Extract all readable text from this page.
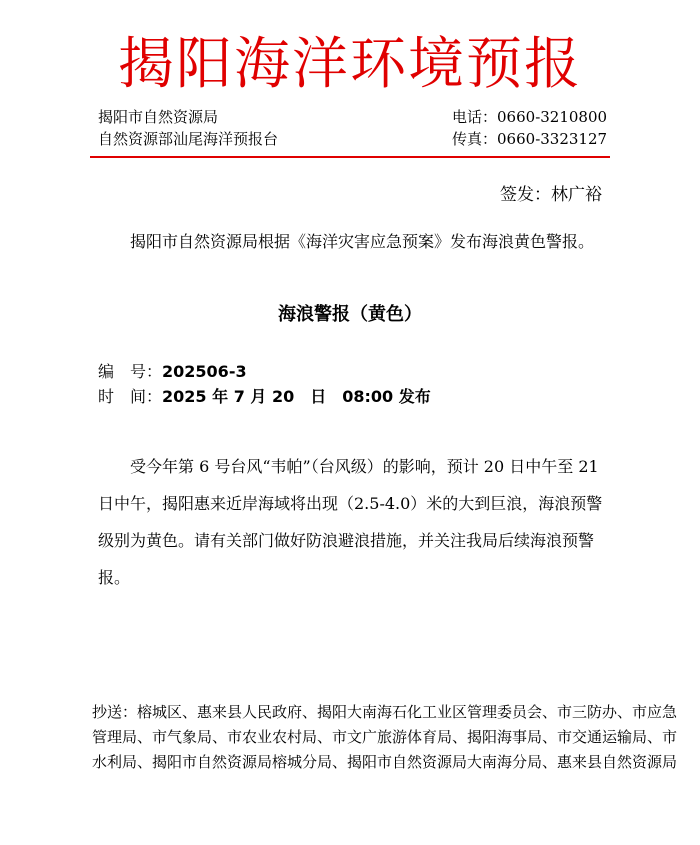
揭阳海洋环境预报
揭阳市自然资源局
自然资源部汕尾海洋预报台
电话：0660-3210800
传真：0660-3323127
签发：林广裕
揭阳市自然资源局根据《海洋灾害应急预案》发布海浪黄色警报。
海浪警报（黄色）
编　号：202506-3
时　间：2025 年 7 月 20　日　08:00 发布
受今年第 6 号台风“韦帕”（台风级）的影响，预计 20 日中午至 21 日中午，揭阳惠来近岸海域将出现（2.5-4.0）米的大到巨浪，海浪预警级别为黄色。请有关部门做好防浪避浪措施，并关注我局后续海浪预警报。
抄送：榕城区、惠来县人民政府、揭阳大南海石化工业区管理委员会、市三防办、市应急管理局、市气象局、市农业农村局、市文广旅游体育局、揭阳海事局、市交通运输局、市水利局、揭阳市自然资源局榕城分局、揭阳市自然资源局大南海分局、惠来县自然资源局
